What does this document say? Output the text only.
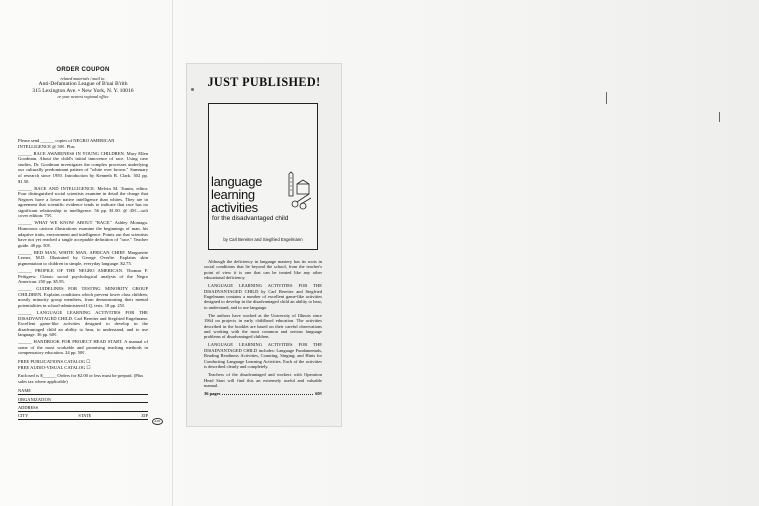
ORDER COUPON
related materials / mail to:
Anti-Defamation League of B'nai B'rith
315 Lexington Ave. • New York, N. Y. 10016
or your nearest regional office
Please send ______ copies of NEGRO AMERICAN INTELLIGENCE @ 50¢. Plus
______ RACE AWARENESS IN YOUNG CHILDREN. Mary Ellen Goodman. About the child's initial innocence of race. Using case studies, Dr. Goodman investigates the complex processes underlying our culturally predominant pattern of "white over brown." Summary of research since 1950. Introduction by Kenneth B. Clark. 302 pp. $1.50.
______ RACE AND INTELLIGENCE. Melvin M. Tumin, editor. Four distinguished social scientists examine in detail the charge that Negroes have a lower native intelligence than whites. They are in agreement that scientific evidence tends to indicate that race has no significant relationship to intelligence. 56 pp. $1.00. @ 45¢—soft cover edition: 75¢.
______ WHAT WE KNOW ABOUT "RACE." Ashley Montagu. Humorous cartoon illustrations examine the beginnings of man, his adaptive traits, environment and intelligence. Points out that scientists have not yet reached a single acceptable definition of "race." Teacher guide. 40 pp. 50¢.
______ RED MAN, WHITE MAN, AFRICAN CHIEF. Marguerite Lerner, M.D. Illustrated by George Overlie. Explains skin pigmentation to children in simple, everyday language. $2.75.
______ PROFILE OF THE NEGRO AMERICAN. Thomas F. Pettigrew. Classic social psychological analysis of the Negro American. 250 pp. $5.95.
______ GUIDELINES FOR TESTING MINORITY GROUP CHILDREN. Explains conditions which prevent lower class children, mostly minority group members, from demonstrating their mental potentialities in school-administered I.Q. tests. 18 pp. 25¢.
______ LANGUAGE LEARNING ACTIVITIES FOR THE DISADVANTAGED CHILD. Carl Bereiter and Siegfried Engelmann. Excellent game-like activities designed to develop in the disadvantaged child an ability to hear, to understand, and to use language. 36 pp. 60¢.
______ HANDBOOK FOR PROJECT HEAD START. A manual of some of the most workable and promising teaching methods in compensatory education. 24 pp. 50¢.
FREE PUBLICATIONS CATALOG ☐
FREE AUDIO-VISUAL CATALOG ☐
Enclosed is $______ Orders for $2.00 or less must be prepaid. (Plus sales tax where applicable)
NAME
ORGANIZATION
ADDRESS
CITY	STATE	ZIP
ADL
JUST PUBLISHED!
language
learning
activities
for the disadvantaged child
by Carl Bereiter and Siegfried Engelmann

Although the deficiency in language mastery has its roots in social conditions that lie beyond the school, from the teacher's point of view it is one that can be treated like any other educational deficiency.

LANGUAGE LEARNING ACTIVITIES FOR THE DISADVANTAGED CHILD by Carl Bereiter and Siegfried Engelmann contains a number of excellent game-like activities designed to develop in the disadvantaged child an ability to hear, to understand, and to use language.

The authors have worked at the University of Illinois since 1964 on projects in early childhood education. The activities described in the booklet are based on their careful observations and working with the most common and serious language problems of disadvantaged children.

LANGUAGE LEARNING ACTIVITIES FOR THE DISADVANTAGED CHILD includes: Language Fundamentals, Reading Readiness Activities, Counting, Singing; and Hints for Conducting Language Learning Activities. Each of the activities is described clearly and completely.

Teachers of the disadvantaged and workers with Operation Head Start will find this an extremely useful and valuable manual.

36 pages	60¢
